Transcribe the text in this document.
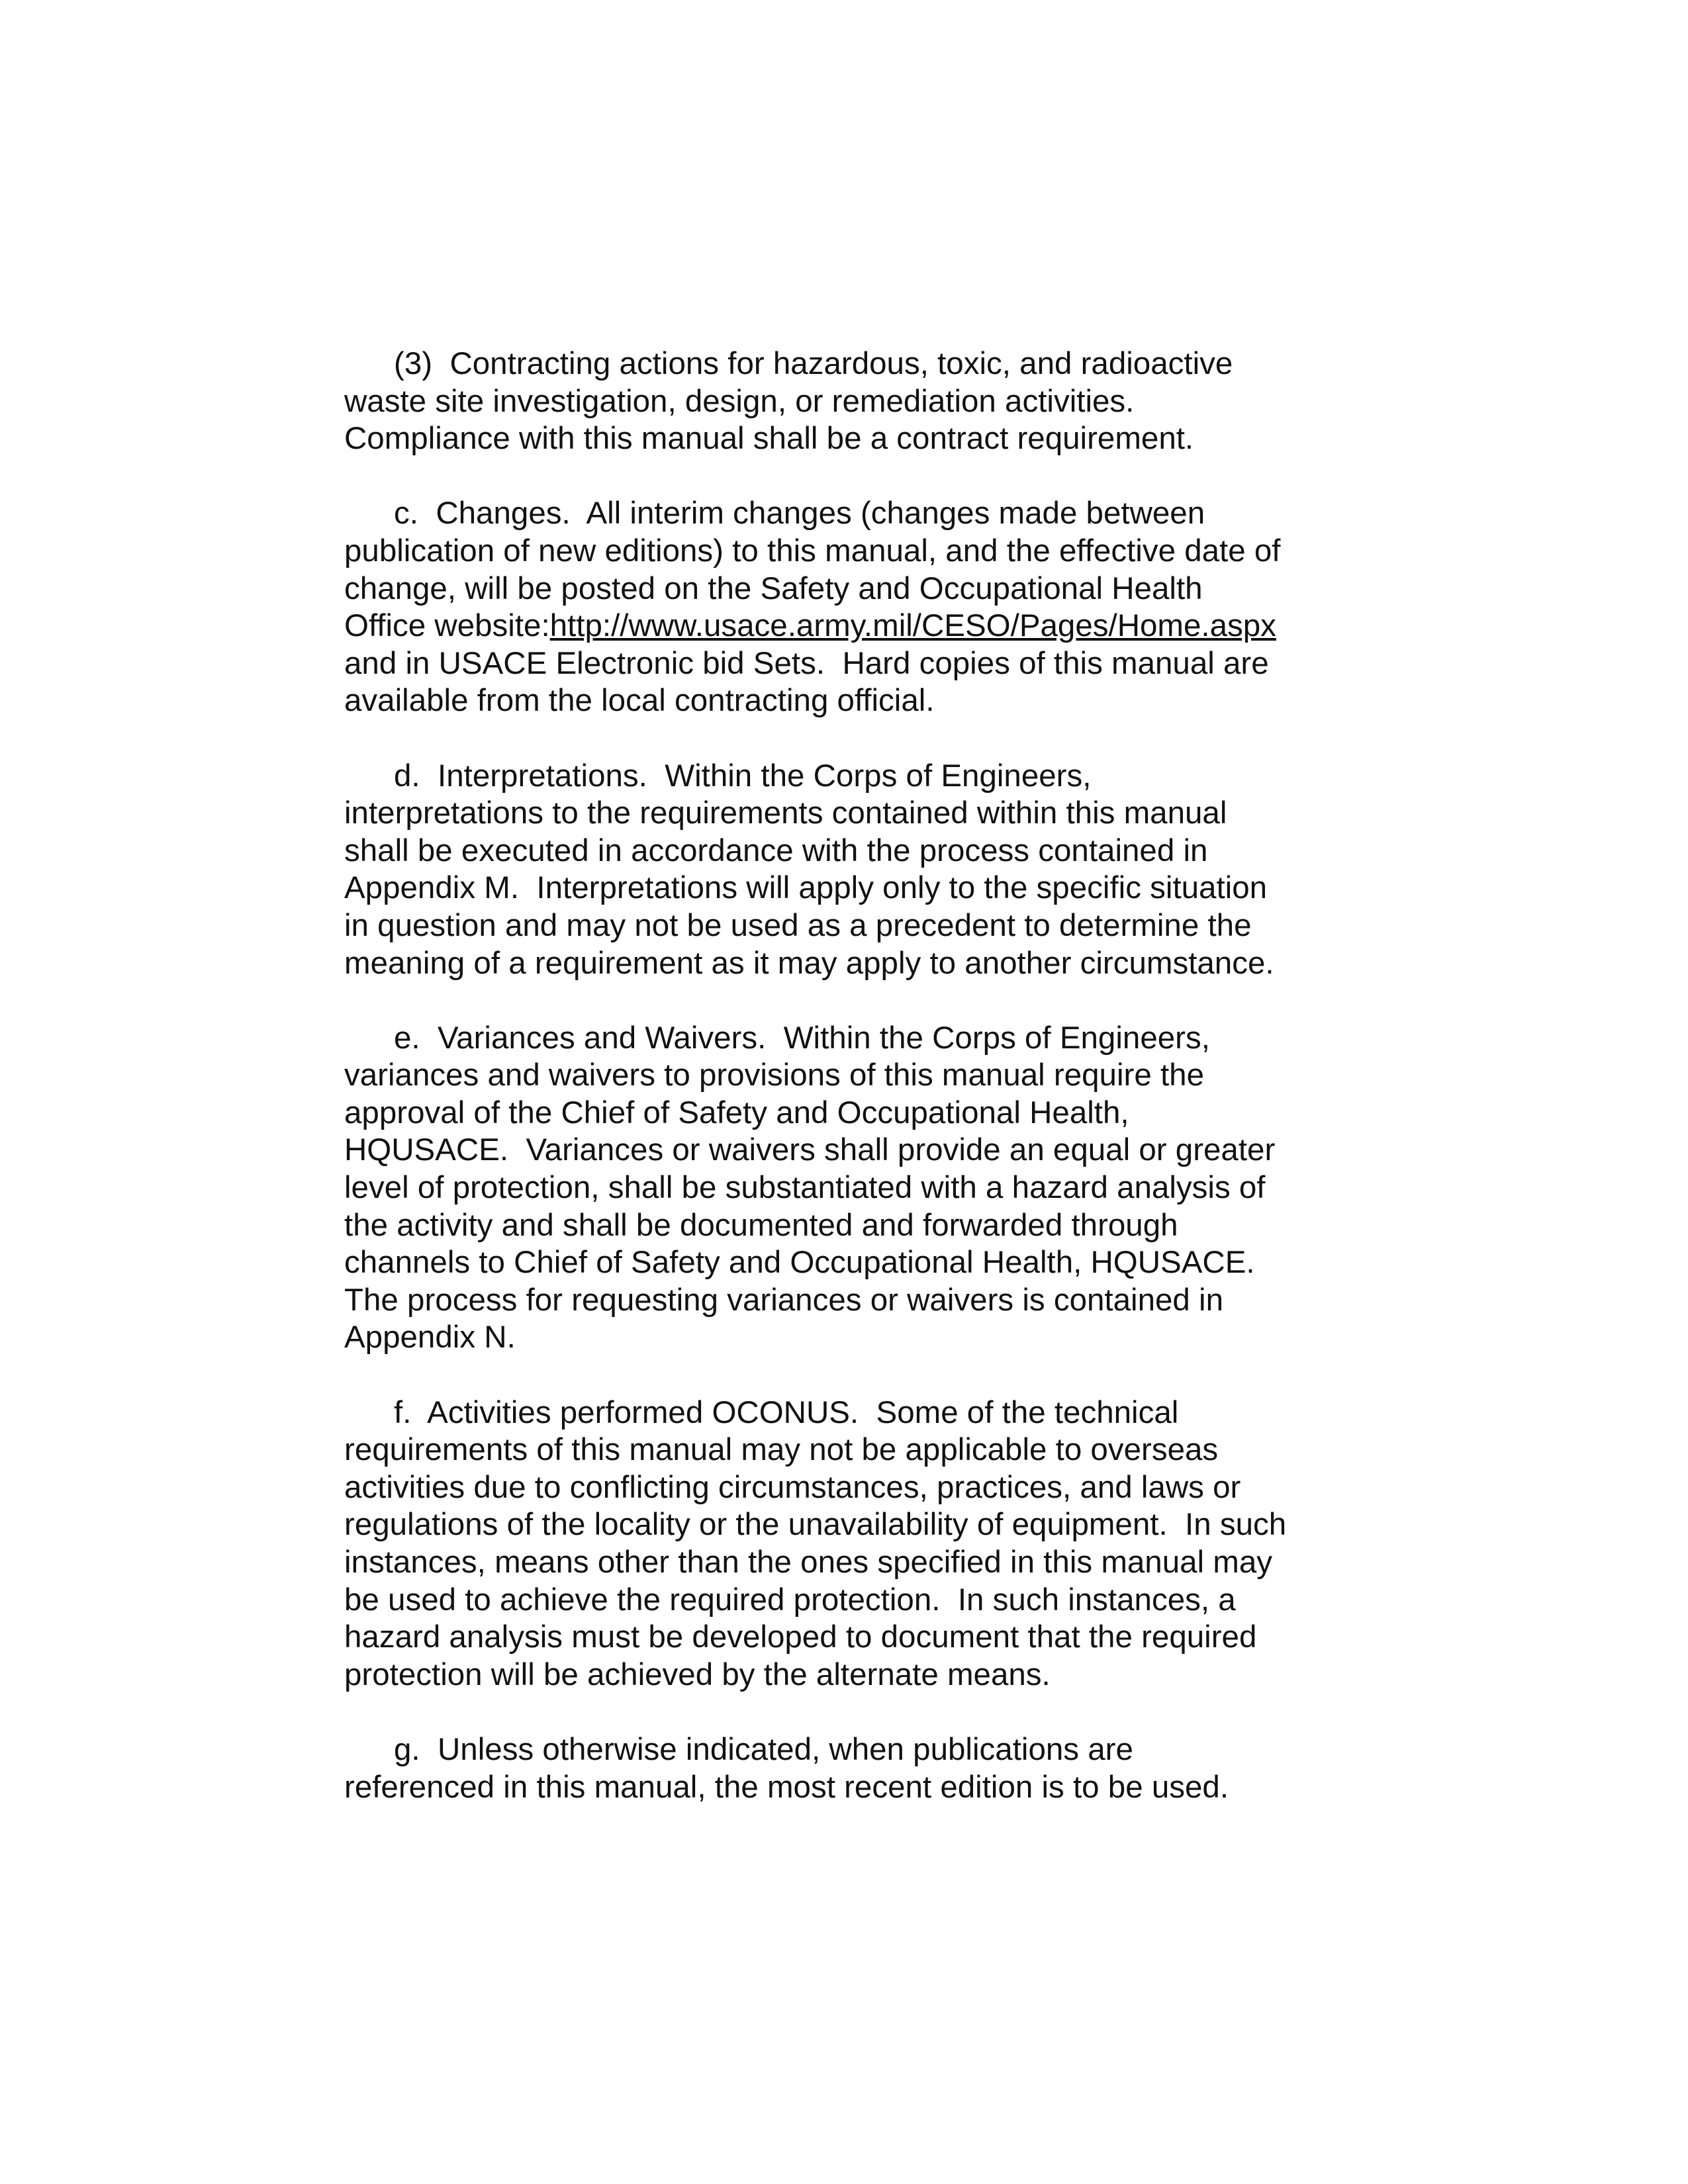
(3)  Contracting actions for hazardous, toxic, and radioactive
waste site investigation, design, or remediation activities.
Compliance with this manual shall be a contract requirement.
c.  Changes.  All interim changes (changes made between
publication of new editions) to this manual, and the effective date of
change, will be posted on the Safety and Occupational Health
Office website:http://www.usace.army.mil/CESO/Pages/Home.aspx
and in USACE Electronic bid Sets.  Hard copies of this manual are
available from the local contracting official.
d.  Interpretations.  Within the Corps of Engineers,
interpretations to the requirements contained within this manual
shall be executed in accordance with the process contained in
Appendix M.  Interpretations will apply only to the specific situation
in question and may not be used as a precedent to determine the
meaning of a requirement as it may apply to another circumstance.
e.  Variances and Waivers.  Within the Corps of Engineers,
variances and waivers to provisions of this manual require the
approval of the Chief of Safety and Occupational Health,
HQUSACE.  Variances or waivers shall provide an equal or greater
level of protection, shall be substantiated with a hazard analysis of
the activity and shall be documented and forwarded through
channels to Chief of Safety and Occupational Health, HQUSACE.
The process for requesting variances or waivers is contained in
Appendix N.
f.  Activities performed OCONUS.  Some of the technical
requirements of this manual may not be applicable to overseas
activities due to conflicting circumstances, practices, and laws or
regulations of the locality or the unavailability of equipment.  In such
instances, means other than the ones specified in this manual may
be used to achieve the required protection.  In such instances, a
hazard analysis must be developed to document that the required
protection will be achieved by the alternate means.
g.  Unless otherwise indicated, when publications are
referenced in this manual, the most recent edition is to be used.
